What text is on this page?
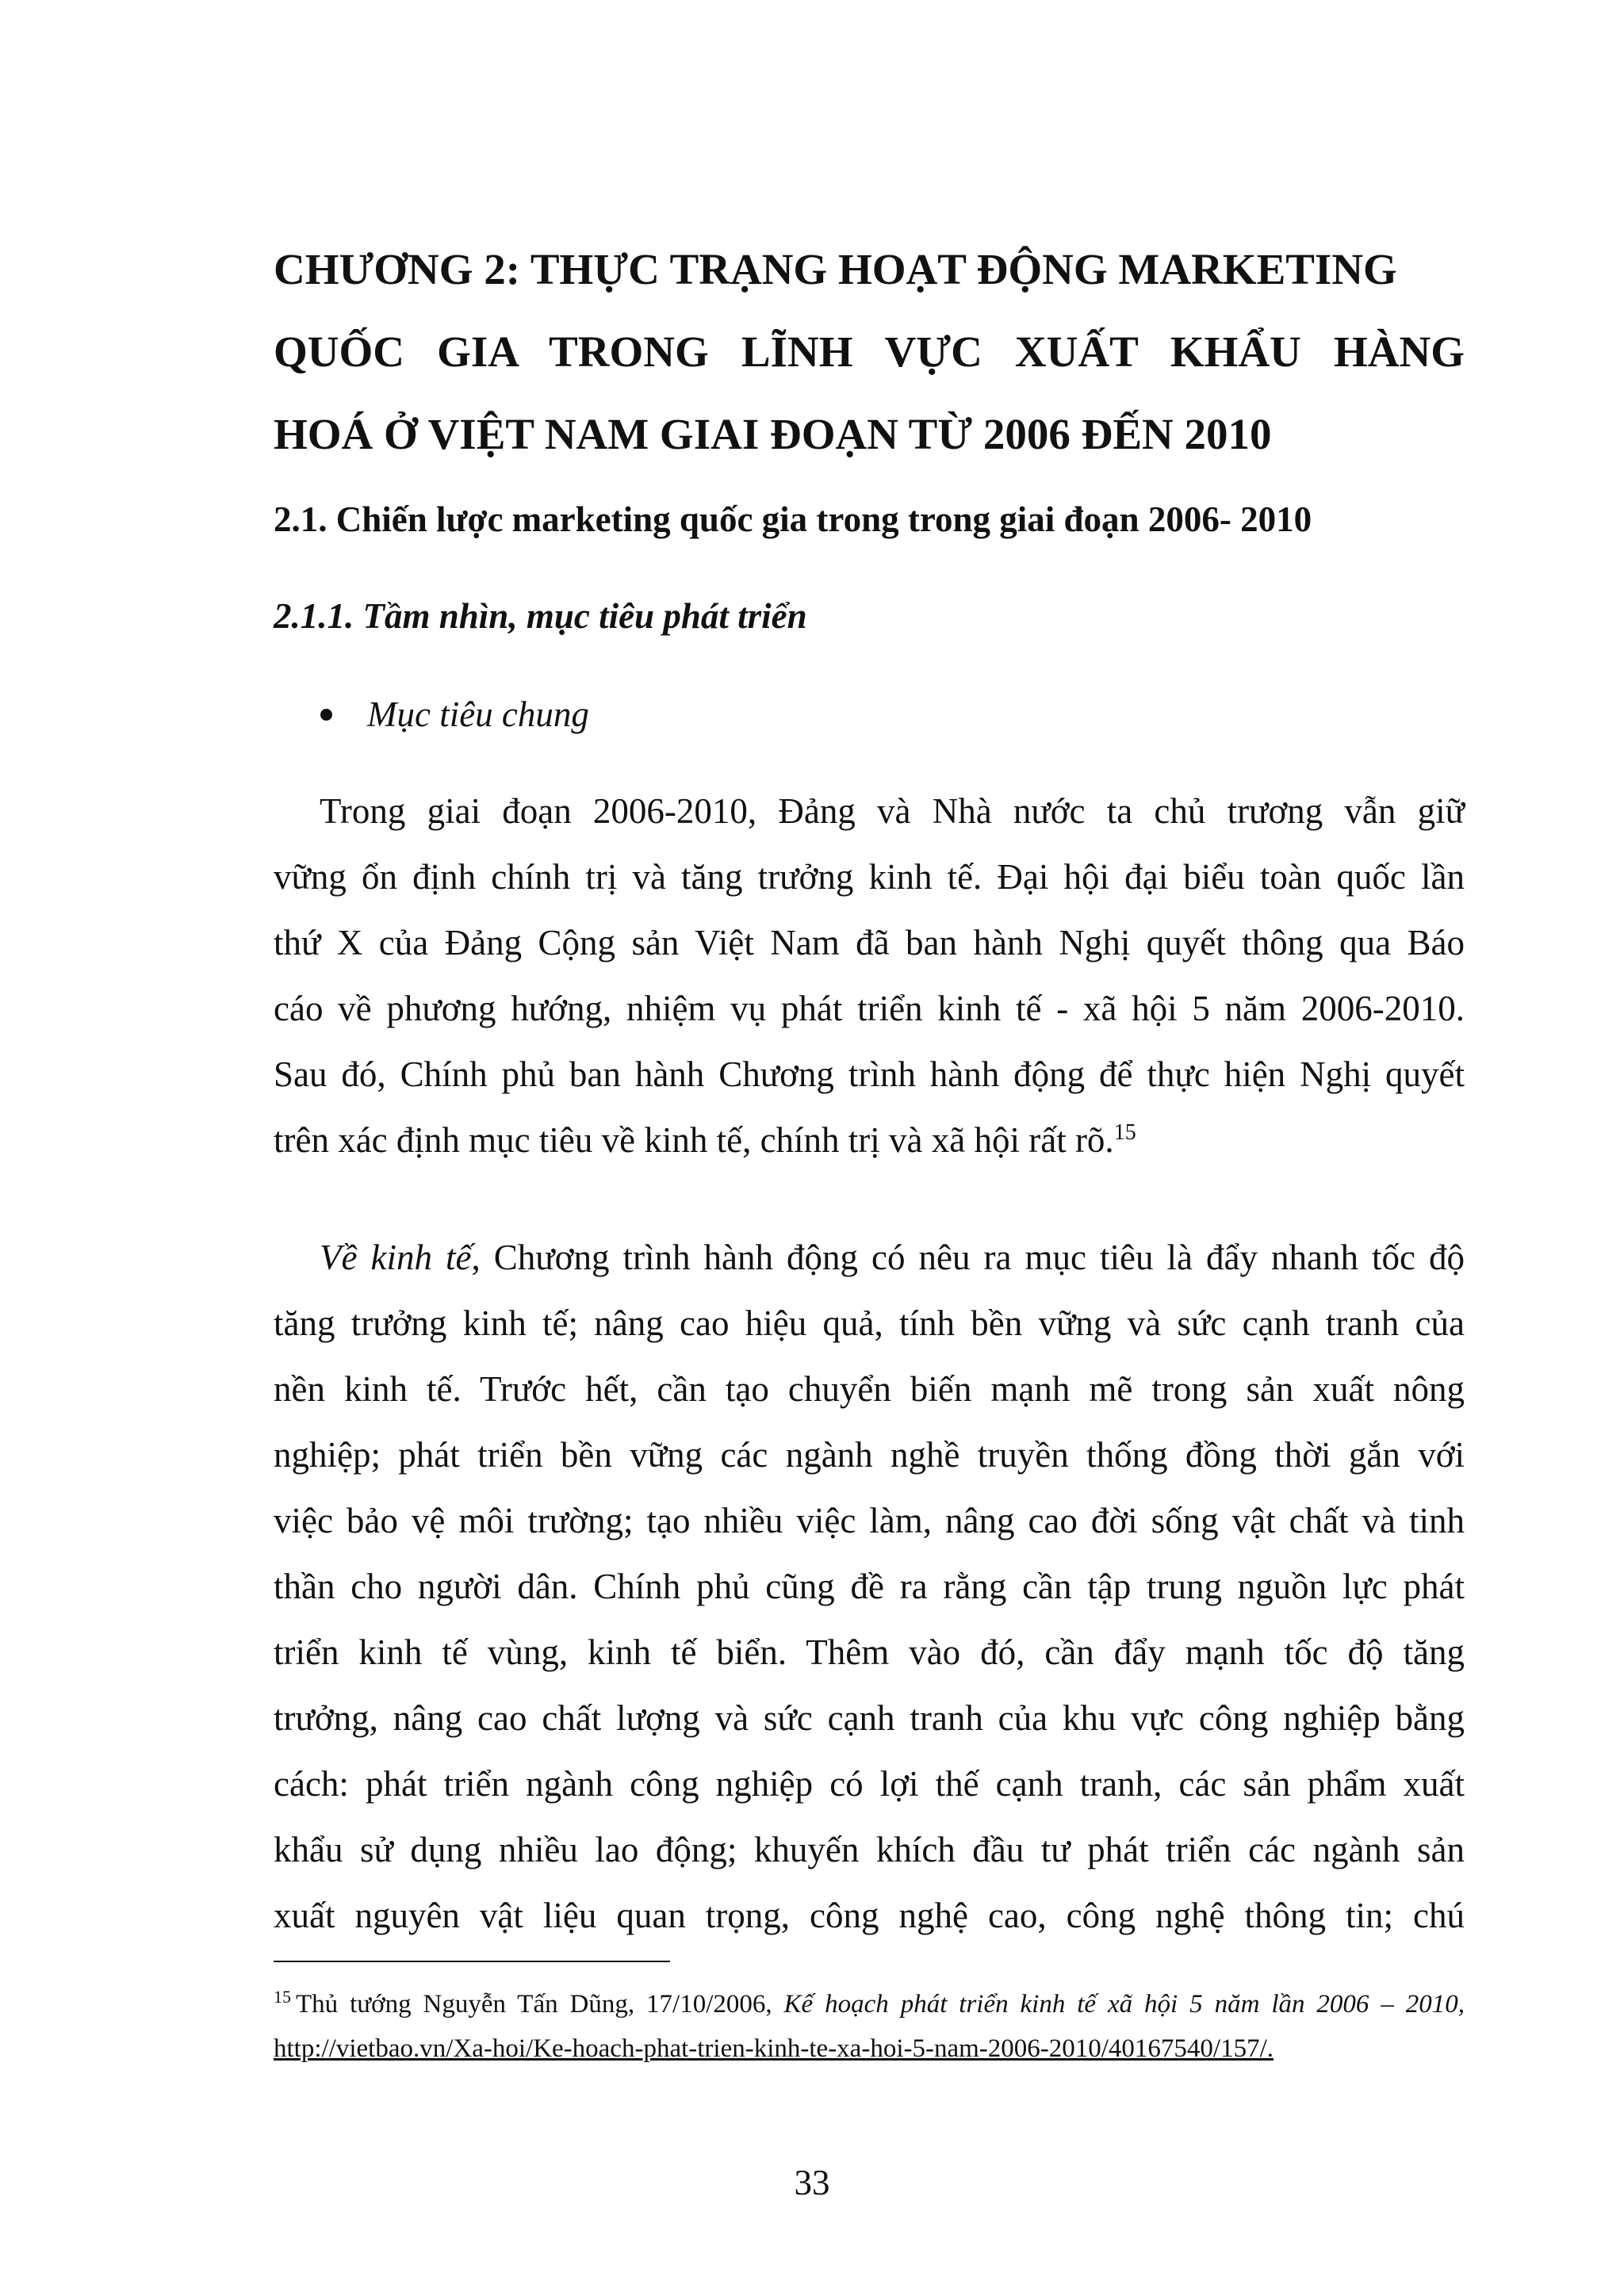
CHƯƠNG 2: THỰC TRẠNG HOẠT ĐỘNG MARKETING
QUỐC GIA TRONG LĨNH VỰC XUẤT KHẨU HÀNG
HOÁ Ở VIỆT NAM GIAI ĐOẠN TỪ 2006 ĐẾN 2010
2.1. Chiến lược marketing quốc gia trong trong giai đoạn 2006- 2010
2.1.1. Tầm nhìn, mục tiêu phát triển
Mục tiêu chung

Trong giai đoạn 2006-2010, Đảng và Nhà nước ta chủ trương vẫn giữ
vững ổn định chính trị và tăng trưởng kinh tế. Đại hội đại biểu toàn quốc lần
thứ X của Đảng Cộng sản Việt Nam đã ban hành Nghị quyết thông qua Báo
cáo về phương hướng, nhiệm vụ phát triển kinh tế - xã hội 5 năm 2006-2010.
Sau đó, Chính phủ ban hành Chương trình hành động để thực hiện Nghị quyết
trên xác định mục tiêu về kinh tế, chính trị và xã hội rất rõ.$^{15}$

Về kinh tế, Chương trình hành động có nêu ra mục tiêu là đẩy nhanh tốc độ
tăng trưởng kinh tế; nâng cao hiệu quả, tính bền vững và sức cạnh tranh của
nền kinh tế. Trước hết, cần tạo chuyển biến mạnh mẽ trong sản xuất nông
nghiệp; phát triển bền vững các ngành nghề truyền thống đồng thời gắn với
việc bảo vệ môi trường; tạo nhiều việc làm, nâng cao đời sống vật chất và tinh
thần cho người dân. Chính phủ cũng đề ra rằng cần tập trung nguồn lực phát
triển kinh tế vùng, kinh tế biển. Thêm vào đó, cần đẩy mạnh tốc độ tăng
trưởng, nâng cao chất lượng và sức cạnh tranh của khu vực công nghiệp bằng
cách: phát triển ngành công nghiệp có lợi thế cạnh tranh, các sản phẩm xuất
khẩu sử dụng nhiều lao động; khuyến khích đầu tư phát triển các ngành sản
xuất nguyên vật liệu quan trọng, công nghệ cao, công nghệ thông tin; chú

$^{15}$ Thủ tướng Nguyễn Tấn Dũng, 17/10/2006, Kế hoạch phát triển kinh tế xã hội 5 năm lần 2006 – 2010,
http://vietbao.vn/Xa-hoi/Ke-hoach-phat-trien-kinh-te-xa-hoi-5-nam-2006-2010/40167540/157/.
33
